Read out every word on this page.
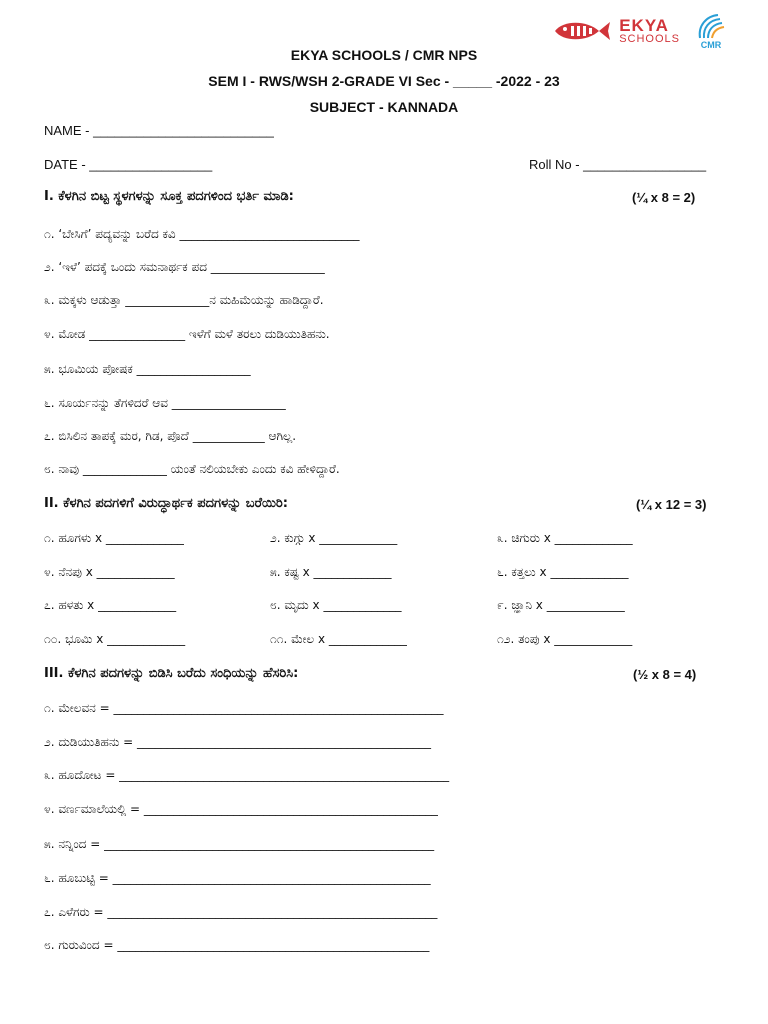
EKYA
SCHOOLS CMR
EKYA SCHOOLS / CMR NPS
SEM I - RWS/WSH 2-GRADE VI Sec - _____ -2022 - 23
SUBJECT - KANNADA
NAME - _________________________
DATE - _________________	Roll No - _________________
I. ಕೆಳಗಿನ ಬಿಟ್ಟ ಸ್ಥಳಗಳನ್ನು ಸೂಕ್ತ ಪದಗಳಿಂದ ಭರ್ತಿ ಮಾಡಿ:	(¼ x 8 = 2)
೧. ‘ಬೇಸಿಗೆ’ ಪದ್ಯವನ್ನು ಬರೆದ ಕವಿ ______________________________
೨. ‘ಇಳೆ’ ಪದಕ್ಕೆ ಒಂದು ಸಮನಾರ್ಥಕ ಪದ ___________________
೩. ಮಕ್ಕಳು ಆಡುತ್ತಾ ______________ನ ಮಹಿಮೆಯನ್ನು ಹಾಡಿದ್ದಾರೆ.
೪. ಮೋಡ ________________ ಇಳೆಗೆ ಮಳೆ ತರಲು ದುಡಿಯುತಿಹನು.
೫. ಭೂಮಿಯ ಪೋಷಕ ___________________
೬. ಸೂರ್ಯನನ್ನು ತೆಗಳಿದರೆ ಆವ ___________________
೭. ಬಿಸಿಲಿನ ತಾಪಕ್ಕೆ ಮರ, ಗಿಡ, ಪೊದೆ ____________ ಆಗಿಲ್ಲ.
೮. ನಾವು ______________ ಯಂತೆ ನಲಿಯಬೇಕು ಎಂದು ಕವಿ ಹೇಳಿದ್ದಾರೆ.
II. ಕೆಳಗಿನ ಪದಗಳಿಗೆ ವಿರುದ್ಧಾರ್ಥಕ ಪದಗಳನ್ನು ಬರೆಯಿರಿ:	(¼ x 12 = 3)
೧. ಹೂಗಳು x _____________	೨. ಕುಗ್ಗು x _____________	೩. ಚಿಗುರು x _____________
೪. ನೆನಪು x _____________	೫. ಕಷ್ಟ x _____________	೬. ಕತ್ತಲು x _____________
೭. ಹಳತು x _____________	೮. ಮೃದು x _____________	೯. ಜ್ಞಾನಿ x _____________
೧೦. ಭೂಮಿ x _____________	೧೧. ಮೇಲ x _____________	೧೨. ತಂಪು x _____________
III. ಕೆಳಗಿನ ಪದಗಳನ್ನು ಬಿಡಿಸಿ ಬರೆದು ಸಂಧಿಯನ್ನು ಹೆಸರಿಸಿ:	(½ x 8 = 4)
೧. ಮೇಲವನ = _______________________________________________________
೨. ದುಡಿಯುತಿಹನು = _________________________________________________
೩. ಹೂದೋಟ = _______________________________________________________
೪. ವರ್ಣಮಾಲೆಯಲ್ಲಿ = _________________________________________________
೫. ನನ್ನಿಂದ = _______________________________________________________
೬. ಹೂಬುಟ್ಟಿ = _____________________________________________________
೭. ಎಳೆಗರು = _______________________________________________________
೮. ಗುರುವಿಂದ = ____________________________________________________
